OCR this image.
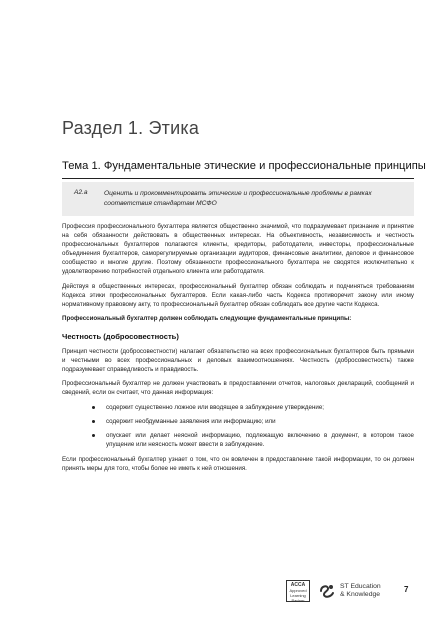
Раздел 1. Этика
Тема 1. Фундаментальные этические и профессиональные принципы
A2.a Оценить и прокомментировать этические и профессиональные проблемы в рамках соответствия стандартам МСФО

Профессия профессионального бухгалтера является общественно значимой, что подразумевает признание и принятие на себя обязанности действовать в общественных интересах. На объективность, независимость и честность профессиональных бухгалтеров полагаются клиенты, кредиторы, работодатели, инвесторы, профессиональные объединения бухгалтеров, саморегулируемые организации аудиторов, финансовые аналитики, деловое и финансовое сообщество и многие другие. Поэтому обязанности профессионального бухгалтера не сводятся исключительно к удовлетворению потребностей отдельного клиента или работодателя.

Действуя в общественных интересах, профессиональный бухгалтер обязан соблюдать и подчиняться требованиям Кодекса этики профессиональных бухгалтеров. Если какая-либо часть Кодекса противоречит закону или иному нормативному правовому акту, то профессиональный бухгалтер обязан соблюдать все другие части Кодекса.

Профессиональный бухгалтер должен соблюдать следующие фундаментальные принципы:

Честность (добросовестность)

Принцип честности (добросовестности) налагает обязательство на всех профессиональных бухгалтеров быть прямыми и честными во всех профессиональных и деловых взаимоотношениях. Честность (добросовестность) также подразумевает справедливость и правдивость.

Профессиональный бухгалтер не должен участвовать в предоставлении отчетов, налоговых деклараций, сообщений и сведений, если он считает, что данная информация:

содержит существенно ложное или вводящее в заблуждение утверждение;
содержит необдуманные заявления или информацию; или
опускает или делает неясной информацию, подлежащую включению в документ, в котором такое упущение или неясность может ввести в заблуждение.

Если профессиональный бухгалтер узнает о том, что он вовлечен в предоставление такой информации, то он должен принять меры для того, чтобы более не иметь к ней отношения.

ACCA
Approved Learning Partner
ST Education
& Knowledge
7
